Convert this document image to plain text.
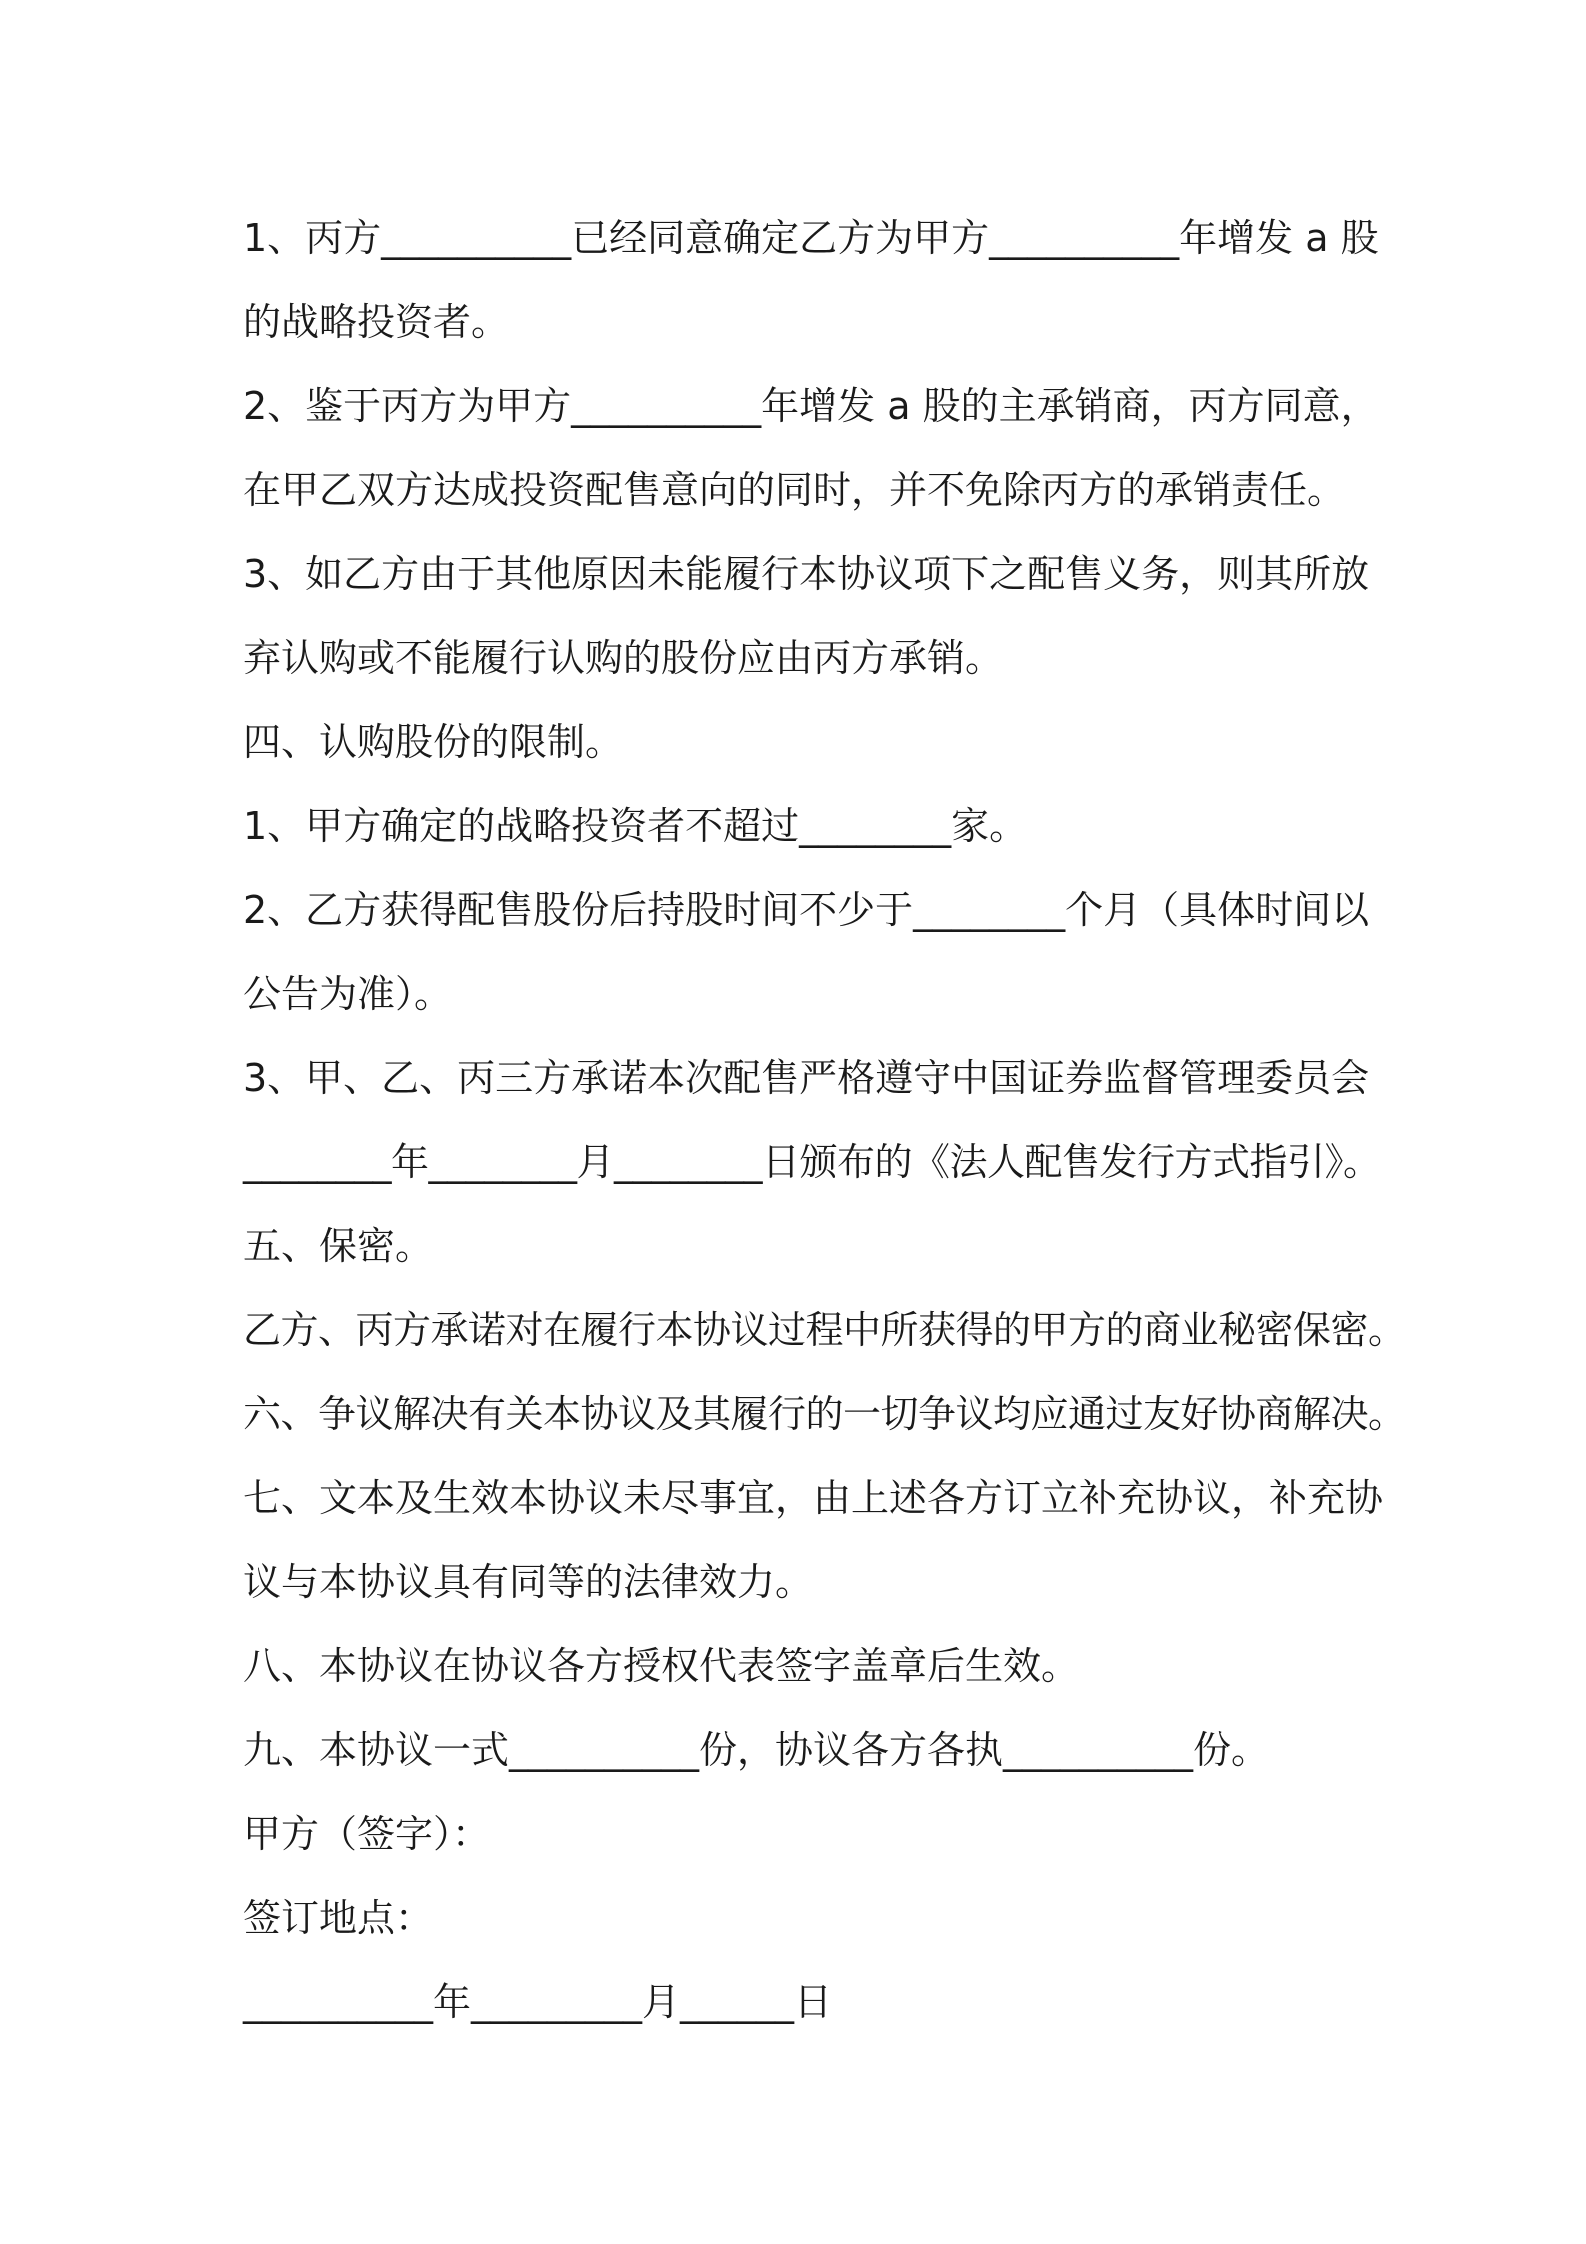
1、丙方__________已经同意确定乙方为甲方__________年增发 a 股
的战略投资者。
2、鉴于丙方为甲方__________年增发 a 股的主承销商，丙方同意，
在甲乙双方达成投资配售意向的同时，并不免除丙方的承销责任。
3、如乙方由于其他原因未能履行本协议项下之配售义务，则其所放
弃认购或不能履行认购的股份应由丙方承销。
四、认购股份的限制。
1、甲方确定的战略投资者不超过________家。
2、乙方获得配售股份后持股时间不少于________个月（具体时间以
公告为准）。
3、甲、乙、丙三方承诺本次配售严格遵守中国证券监督管理委员会
________年________月________日颁布的《法人配售发行方式指引》。
五、保密。
乙方、丙方承诺对在履行本协议过程中所获得的甲方的商业秘密保密。
六、争议解决有关本协议及其履行的一切争议均应通过友好协商解决。
七、文本及生效本协议未尽事宜，由上述各方订立补充协议，补充协
议与本协议具有同等的法律效力。
八、本协议在协议各方授权代表签字盖章后生效。
九、本协议一式__________份，协议各方各执__________份。
甲方（签字）：
签订地点：
__________年_________月______日
